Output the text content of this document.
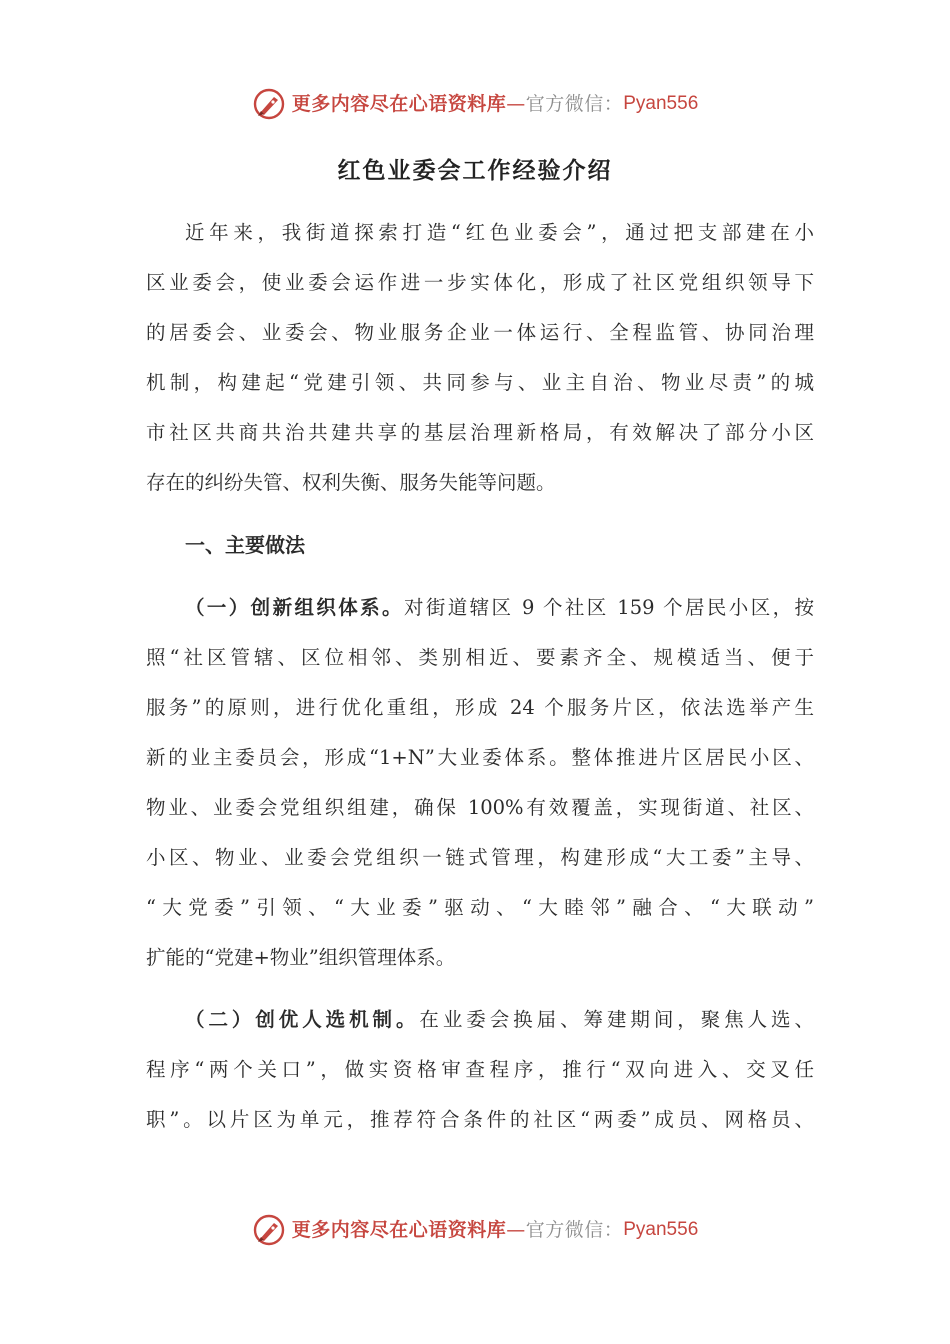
更多内容尽在心语资料库 — 官方微信： Pyan556
红色业委会工作经验介绍
近年来，我街道探索打造“红色业委会”，通过把支部建在小
区业委会，使业委会运作进一步实体化，形成了社区党组织领导下
的居委会、业委会、物业服务企业一体运行、全程监管、协同治理
机制，构建起“党建引领、共同参与、业主自治、物业尽责”的城
市社区共商共治共建共享的基层治理新格局，有效解决了部分小区
存在的纠纷失管、权利失衡、服务失能等问题。
一、主要做法
（一）创新组织体系。对街道辖区 9 个社区 159 个居民小区，按
照“社区管辖、区位相邻、类别相近、要素齐全、规模适当、便于
服务”的原则，进行优化重组，形成 24 个服务片区，依法选举产生
新的业主委员会，形成“1+N”大业委体系。整体推进片区居民小区、
物业、业委会党组织组建，确保 100%有效覆盖，实现街道、社区、
小区、物业、业委会党组织一链式管理，构建形成“大工委”主导、
“大党委”引领、“大业委”驱动、“大睦邻”融合、“大联动”
扩能的“党建+物业”组织管理体系。
（二）创优人选机制。在业委会换届、筹建期间，聚焦人选、
程序“两个关口”，做实资格审查程序，推行“双向进入、交叉任
职”。以片区为单元，推荐符合条件的社区“两委”成员、网格员、
更多内容尽在心语资料库 — 官方微信： Pyan556
